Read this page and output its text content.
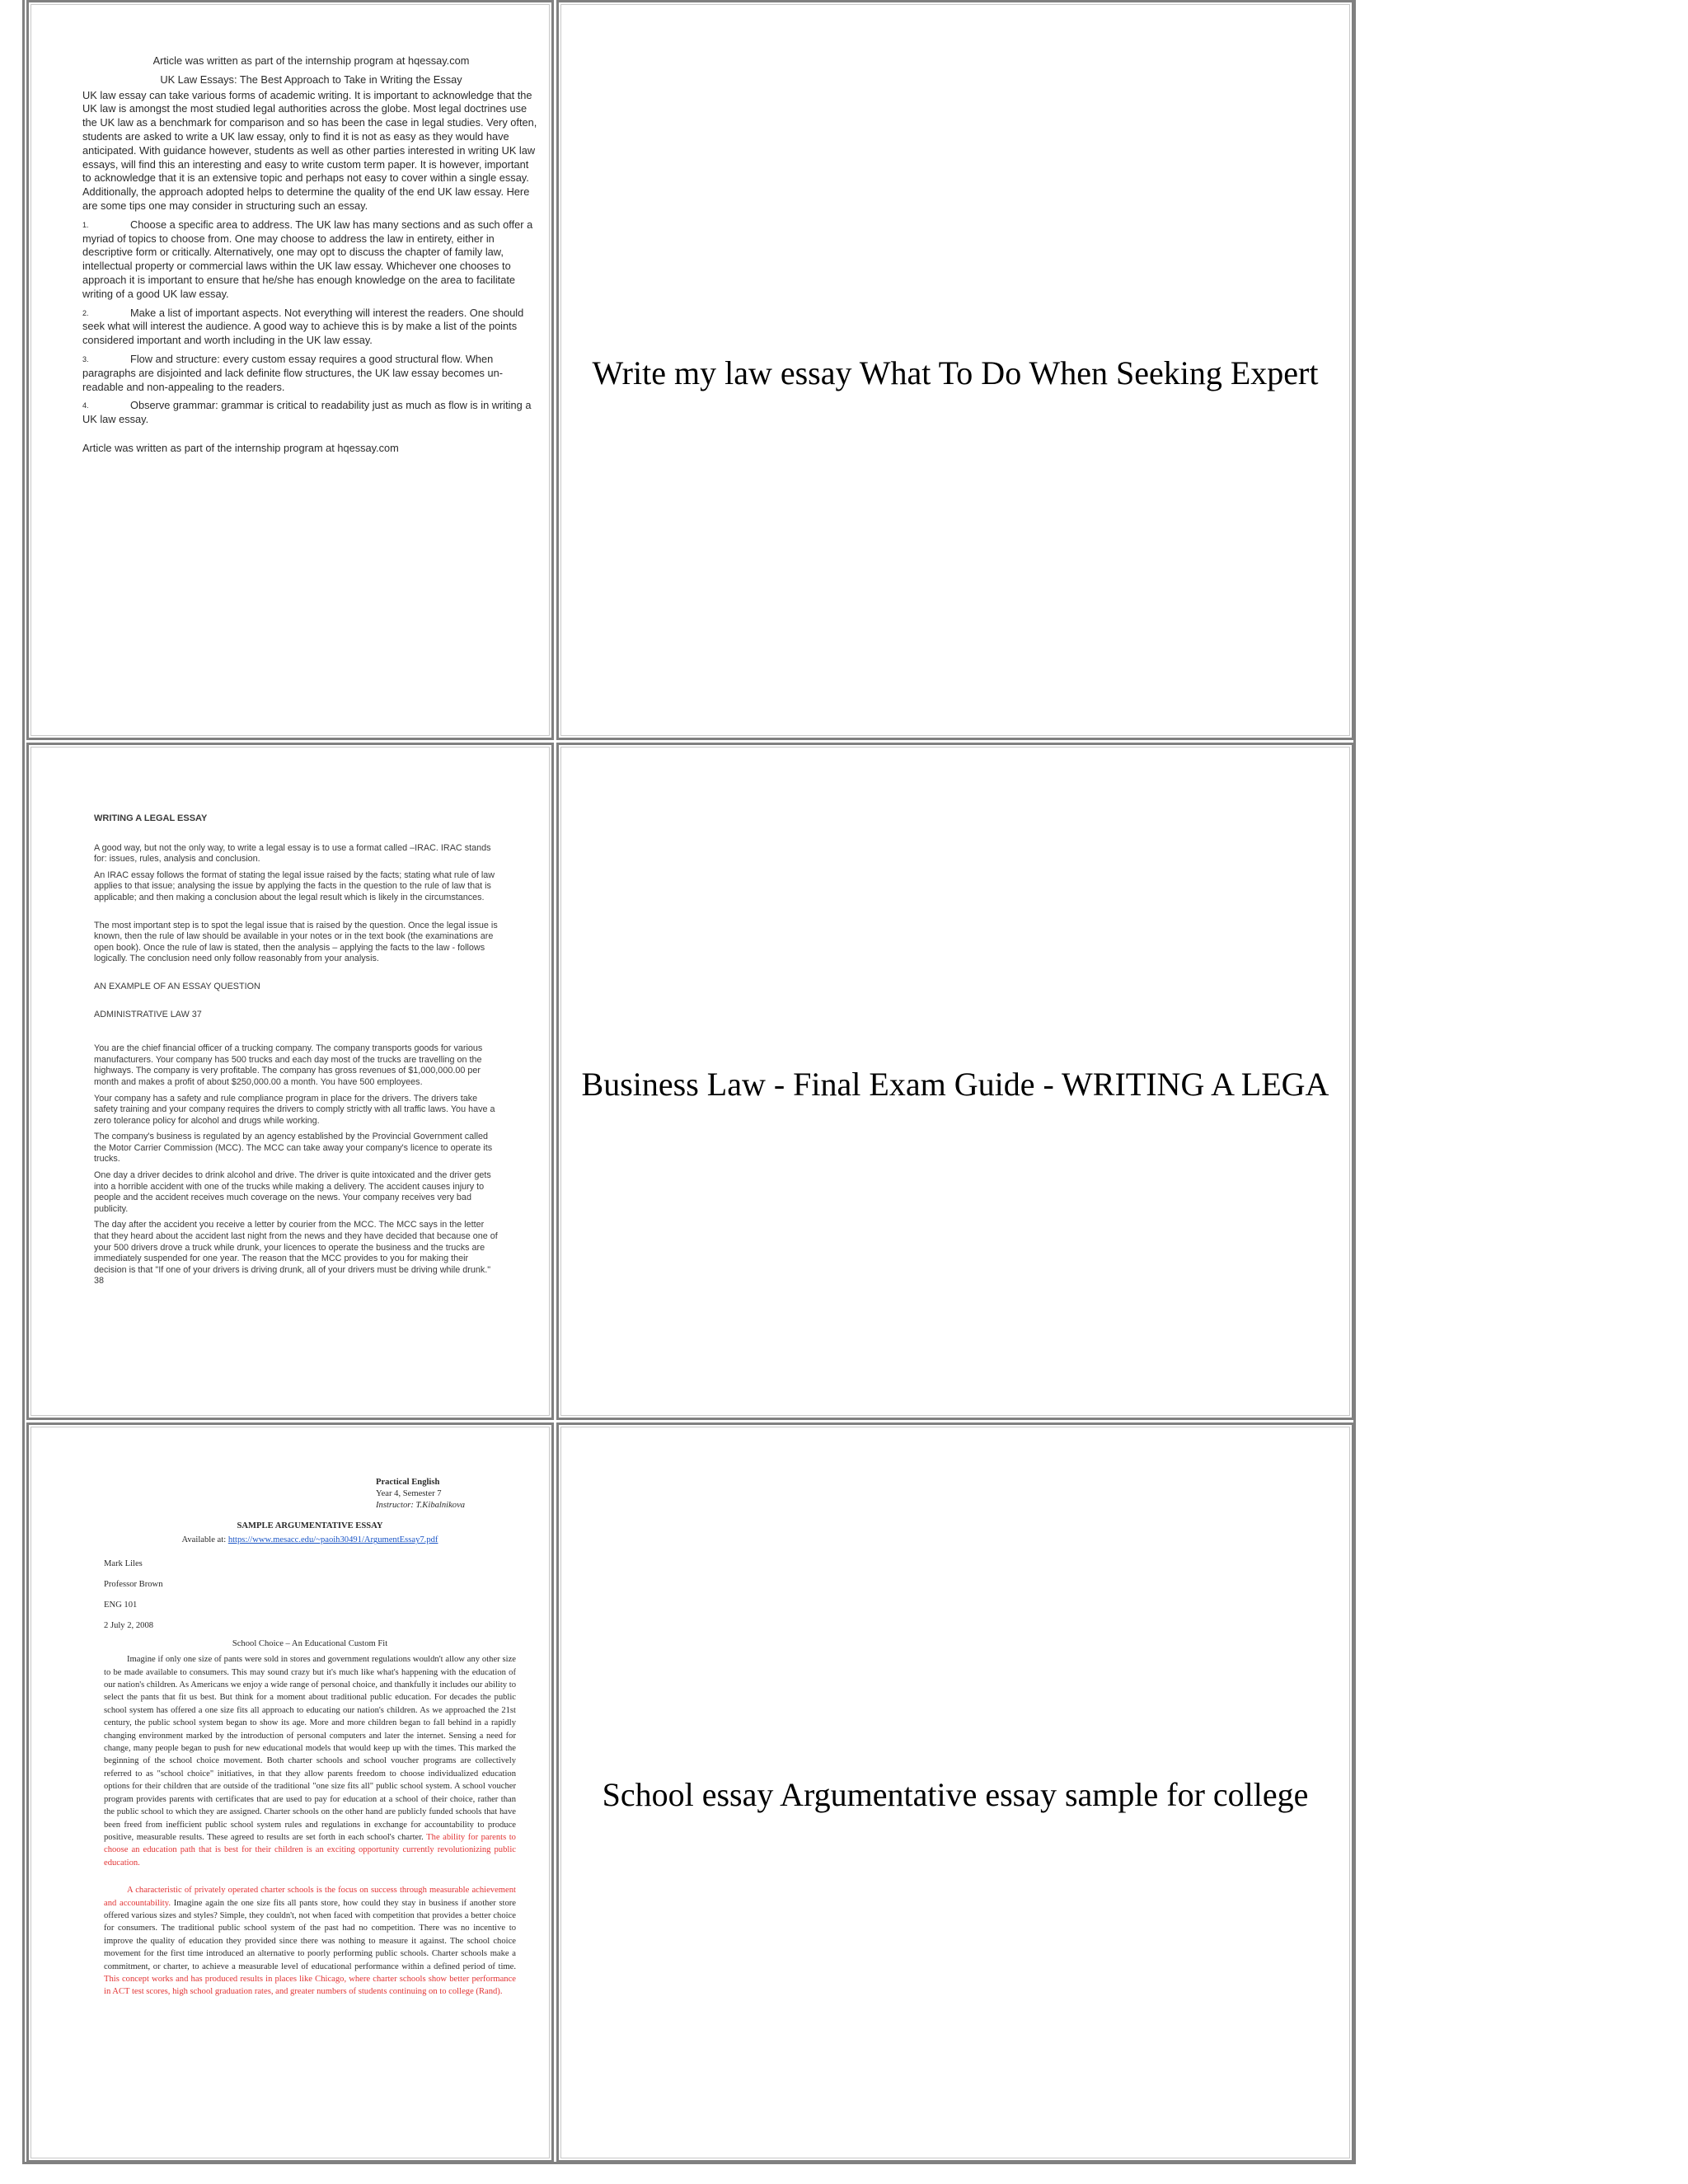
Article was written as part of the internship program at hqessay.com

UK Law Essays: The Best Approach to Take in Writing the Essay

UK law essay can take various forms of academic writing. It is important to acknowledge that the UK law is amongst the most studied legal authorities across the globe. Most legal doctrines use the UK law as a benchmark for comparison and so has been the case in legal studies. Very often, students are asked to write a UK law essay, only to find it is not as easy as they would have anticipated. With guidance however, students as well as other parties interested in writing UK law essays, will find this an interesting and easy to write custom term paper. It is however, important to acknowledge that it is an extensive topic and perhaps not easy to cover within a single essay. Additionally, the approach adopted helps to determine the quality of the end UK law essay. Here are some tips one may consider in structuring such an essay.

1.	Choose a specific area to address. The UK law has many sections and as such offer a myriad of topics to choose from. One may choose to address the law in entirety, either in descriptive form or critically. Alternatively, one may opt to discuss the chapter of family law, intellectual property or commercial laws within the UK law essay. Whichever one chooses to approach it is important to ensure that he/she has enough knowledge on the area to facilitate writing of a good UK law essay.

2.	Make a list of important aspects. Not everything will interest the readers. One should seek what will interest the audience. A good way to achieve this is by make a list of the points considered important and worth including in the UK law essay.

3.	Flow and structure: every custom essay requires a good structural flow. When paragraphs are disjointed and lack definite flow structures, the UK law essay becomes un-readable and non-appealing to the readers.

4.	Observe grammar: grammar is critical to readability just as much as flow is in writing a UK law essay.

Article was written as part of the internship program at hqessay.com

Write my law essay What To Do When Seeking Expert

WRITING A LEGAL ESSAY

A good way, but not the only way, to write a legal essay is to use a format called –IRAC. IRAC stands for: issues, rules, analysis and conclusion.

An IRAC essay follows the format of stating the legal issue raised by the facts; stating what rule of law applies to that issue; analysing the issue by applying the facts in the question to the rule of law that is applicable; and then making a conclusion about the legal result which is likely in the circumstances.

The most important step is to spot the legal issue that is raised by the question. Once the legal issue is known, then the rule of law should be available in your notes or in the text book (the examinations are open book). Once the rule of law is stated, then the analysis – applying the facts to the law - follows logically. The conclusion need only follow reasonably from your analysis.

AN EXAMPLE OF AN ESSAY QUESTION

ADMINISTRATIVE LAW 37

You are the chief financial officer of a trucking company. The company transports goods for various manufacturers. Your company has 500 trucks and each day most of the trucks are travelling on the highways. The company is very profitable. The company has gross revenues of $1,000,000.00 per month and makes a profit of about $250,000.00 a month. You have 500 employees.

Your company has a safety and rule compliance program in place for the drivers. The drivers take safety training and your company requires the drivers to comply strictly with all traffic laws. You have a zero tolerance policy for alcohol and drugs while working.

The company's business is regulated by an agency established by the Provincial Government called the Motor Carrier Commission (MCC). The MCC can take away your company's licence to operate its trucks.

One day a driver decides to drink alcohol and drive. The driver is quite intoxicated and the driver gets into a horrible accident with one of the trucks while making a delivery. The accident causes injury to people and the accident receives much coverage on the news. Your company receives very bad publicity.

The day after the accident you receive a letter by courier from the MCC. The MCC says in the letter that they heard about the accident last night from the news and they have decided that because one of your 500 drivers drove a truck while drunk, your licences to operate the business and the trucks are immediately suspended for one year. The reason that the MCC provides to you for making their decision is that "If one of your drivers is driving drunk, all of your drivers must be driving while drunk." 38

Business Law - Final Exam Guide - WRITING A LEGA

Practical English

Year 4, Semester 7

Instructor: T.Kibalnikova

SAMPLE ARGUMENTATIVE ESSAY

Available at: https://www.mesacc.edu/~paoih30491/ArgumentEssay7.pdf

Mark Liles

Professor Brown

ENG 101

2 July 2, 2008

School Choice – An Educational Custom Fit

Imagine if only one size of pants were sold in stores and government regulations wouldn't allow any other size to be made available to consumers. This may sound crazy but it's much like what's happening with the education of our nation's children. As Americans we enjoy a wide range of personal choice, and thankfully it includes our ability to select the pants that fit us best. But think for a moment about traditional public education. For decades the public school system has offered a one size fits all approach to educating our nation's children. As we approached the 21st century, the public school system began to show its age. More and more children began to fall behind in a rapidly changing environment marked by the introduction of personal computers and later the internet. Sensing a need for change, many people began to push for new educational models that would keep up with the times. This marked the beginning of the school choice movement. Both charter schools and school voucher programs are collectively referred to as "school choice" initiatives, in that they allow parents freedom to choose individualized education options for their children that are outside of the traditional "one size fits all" public school system. A school voucher program provides parents with certificates that are used to pay for education at a school of their choice, rather than the public school to which they are assigned. Charter schools on the other hand are publicly funded schools that have been freed from inefficient public school system rules and regulations in exchange for accountability to produce positive, measurable results. These agreed to results are set forth in each school's charter. The ability for parents to choose an education path that is best for their children is an exciting opportunity currently revolutionizing public education.

A characteristic of privately operated charter schools is the focus on success through measurable achievement and accountability. Imagine again the one size fits all pants store, how could they stay in business if another store offered various sizes and styles? Simple, they couldn't, not when faced with competition that provides a better choice for consumers. The traditional public school system of the past had no competition. There was no incentive to improve the quality of education they provided since there was nothing to measure it against. The school choice movement for the first time introduced an alternative to poorly performing public schools. Charter schools make a commitment, or charter, to achieve a measurable level of educational performance within a defined period of time. This concept works and has produced results in places like Chicago, where charter schools show better performance in ACT test scores, high school graduation rates, and greater numbers of students continuing on to college (Rand).

School essay Argumentative essay sample for college
